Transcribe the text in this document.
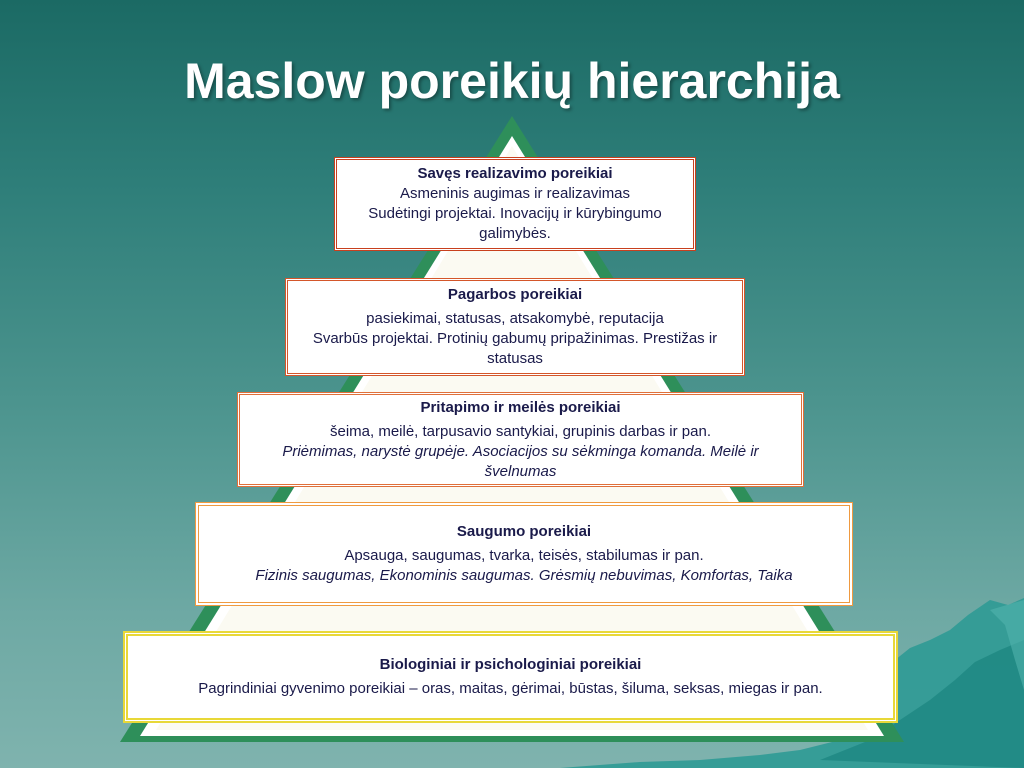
Maslow poreikių hierarchija
Savęs realizavimo poreikiai
Asmeninis augimas ir realizavimas
Sudėtingi projektai. Inovacijų ir kūrybingumo galimybės.
Pagarbos poreikiai
pasiekimai, statusas, atsakomybė, reputacija
Svarbūs projektai. Protinių gabumų pripažinimas. Prestižas ir statusas
Pritapimo ir meilės poreikiai
šeima, meilė, tarpusavio santykiai, grupinis darbas ir pan.
Priėmimas, narystė grupėje. Asociacijos su sėkminga komanda. Meilė ir švelnumas
Saugumo poreikiai
Apsauga, saugumas, tvarka, teisės, stabilumas ir pan.
Fizinis saugumas, Ekonominis saugumas. Grėsmių nebuvimas, Komfortas, Taika
Biologiniai ir psichologiniai poreikiai
Pagrindiniai gyvenimo poreikiai – oras, maitas, gėrimai, būstas, šiluma, seksas, miegas ir pan.
